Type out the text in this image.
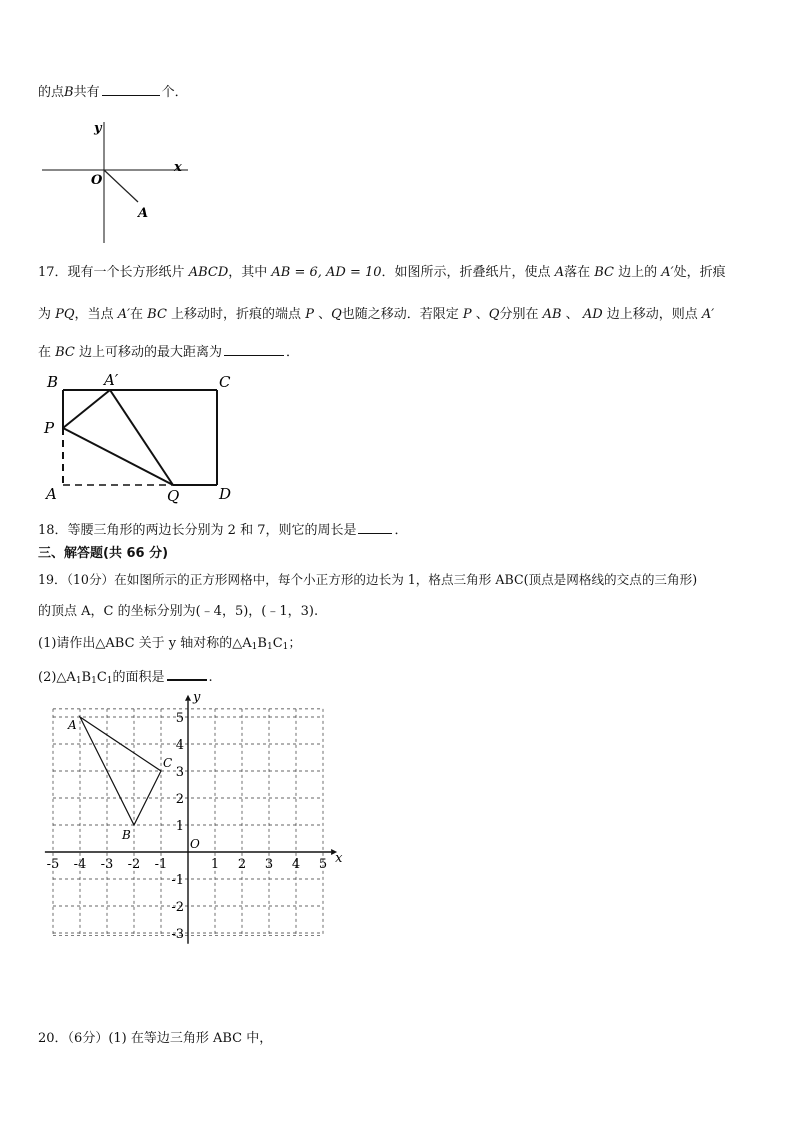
的点B共有	个．
y
x
O
A
17．现有一个长方形纸片 ABCD，其中 AB = 6, AD = 10．如图所示，折叠纸片，使点 A落在 BC 边上的 A′处，折痕
为 PQ，当点 A′在 BC 上移动时，折痕的端点 P 、Q也随之移动．若限定 P 、Q分别在 AB 、 AD 边上移动，则点 A′
在 BC 边上可移动的最大距离为	．
B	A′	C
P
A	Q	D
18．等腰三角形的两边长分别为 2 和 7，则它的周长是	．
三、解答题(共 66 分)
19．（10分）在如图所示的正方形网格中，每个小正方形的边长为 1，格点三角形 ABC(顶点是网格线的交点的三角形)
的顶点 A，C 的坐标分别为(﹣4，5)，(﹣1，3).
(1)请作出△ABC 关于 y 轴对称的$\triangle A_1B_1C_1$；
$(2)\triangle A_1B_1C_1$的面积是	.
-5 -4 -3 -2 -1	1 2 3 4 5
5
4
3
2
1
-1
-2
-3
x
y
O
A
B
C
20．（6分）(1) 在等边三角形 ABC 中，
